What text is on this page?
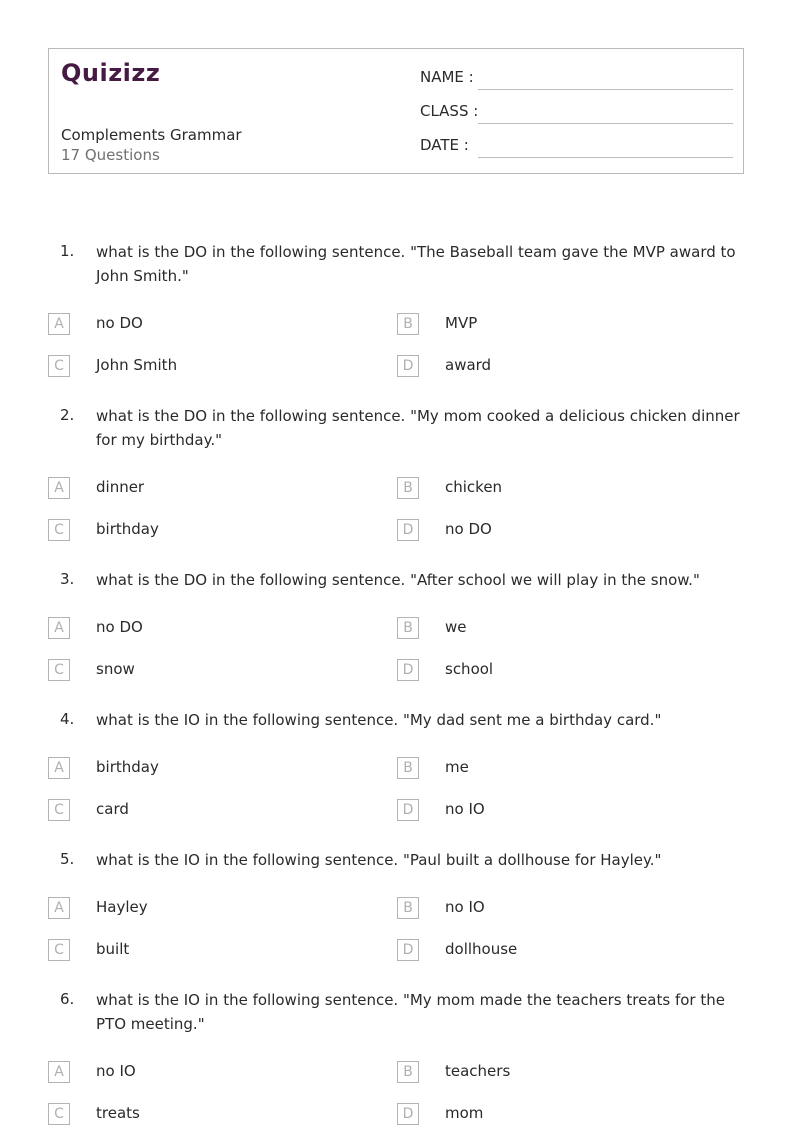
Quizizz
Complements Grammar
17 Questions
NAME :
CLASS :
DATE :
1. what is the DO in the following sentence. "The Baseball team gave the MVP award to John Smith."
A	no DO	B	MVP
C	John Smith	D	award
2. what is the DO in the following sentence. "My mom cooked a delicious chicken dinner for my birthday."
A	dinner	B	chicken
C	birthday	D	no DO
3. what is the DO in the following sentence. "After school we will play in the snow."
A	no DO	B	we
C	snow	D	school
4. what is the IO in the following sentence. "My dad sent me a birthday card."
A	birthday	B	me
C	card	D	no IO
5. what is the IO in the following sentence. "Paul built a dollhouse for Hayley."
A	Hayley	B	no IO
C	built	D	dollhouse
6. what is the IO in the following sentence. "My mom made the teachers treats for the PTO meeting."
A	no IO	B	teachers
C	treats	D	mom
